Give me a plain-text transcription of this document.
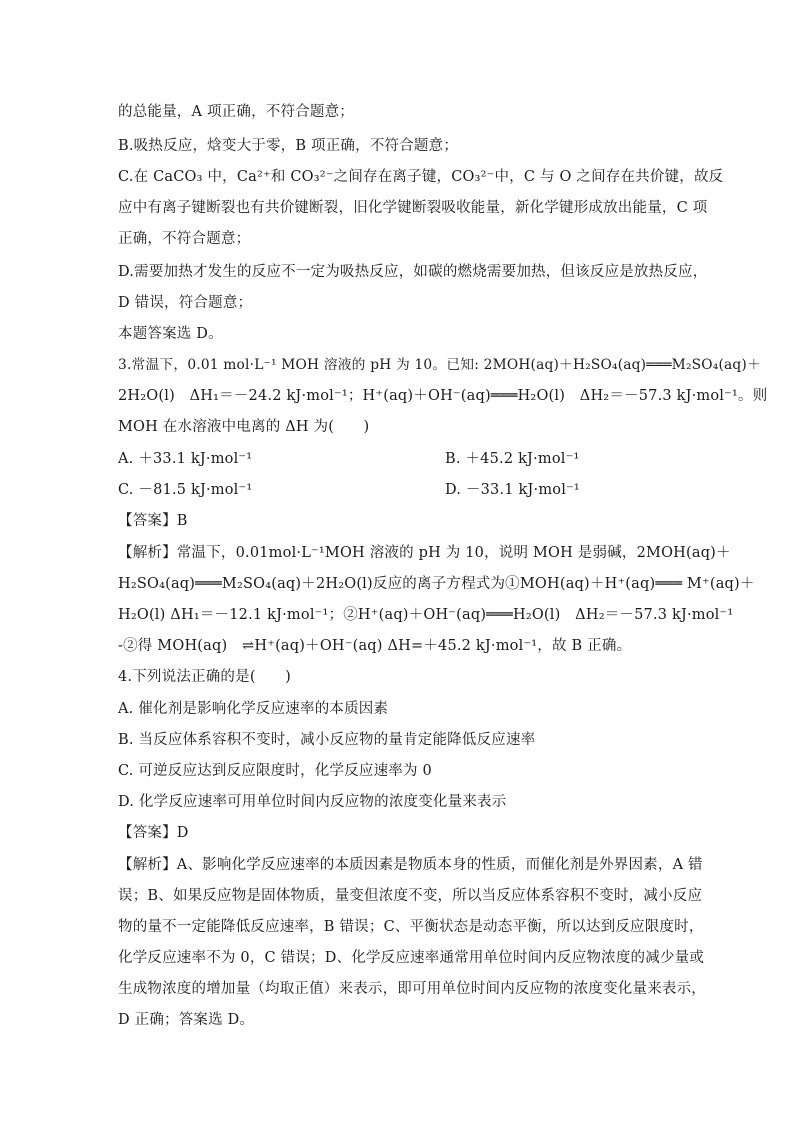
的总能量，A 项正确，不符合题意；
B.吸热反应，焓变大于零，B 项正确，不符合题意；
C.在 CaCO₃ 中，Ca²⁺和 CO₃²⁻之间存在离子键，CO₃²⁻中，C 与 O 之间存在共价键，故反
应中有离子键断裂也有共价键断裂，旧化学键断裂吸收能量，新化学键形成放出能量，C 项
正确，不符合题意；
D.需要加热才发生的反应不一定为吸热反应，如碳的燃烧需要加热，但该反应是放热反应，
D 错误，符合题意；
本题答案选 D。
3.常温下，0.01 mol·L⁻¹ MOH 溶液的 pH 为 10。已知: 2MOH(aq)＋H₂SO₄(aq)═══M₂SO₄(aq)＋
2H₂O(l)　ΔH₁＝－24.2 kJ·mol⁻¹；H⁺(aq)＋OH⁻(aq)═══H₂O(l)　ΔH₂＝－57.3 kJ·mol⁻¹。则
MOH 在水溶液中电离的 ΔH 为(　　)
A. ＋33.1 kJ·mol⁻¹	B. ＋45.2 kJ·mol⁻¹
C. －81.5 kJ·mol⁻¹	D. －33.1 kJ·mol⁻¹
【答案】B
【解析】常温下，0.01mol·L⁻¹MOH 溶液的 pH 为 10，说明 MOH 是弱碱，2MOH(aq)＋
H₂SO₄(aq)═══M₂SO₄(aq)＋2H₂O(l)反应的离子方程式为①MOH(aq)＋H⁺(aq)═══ M⁺(aq)＋
H₂O(l) ΔH₁＝－12.1 kJ·mol⁻¹；②H⁺(aq)＋OH⁻(aq)═══H₂O(l)　ΔH₂＝－57.3 kJ·mol⁻¹
-②得 MOH(aq)　⇌H⁺(aq)＋OH⁻(aq) ΔH=＋45.2 kJ·mol⁻¹，故 B 正确。
4.下列说法正确的是(　　)
A. 催化剂是影响化学反应速率的本质因素
B. 当反应体系容积不变时，减小反应物的量肯定能降低反应速率
C. 可逆反应达到反应限度时，化学反应速率为 0
D. 化学反应速率可用单位时间内反应物的浓度变化量来表示
【答案】D
【解析】A、影响化学反应速率的本质因素是物质本身的性质，而催化剂是外界因素，A 错
误；B、如果反应物是固体物质，量变但浓度不变，所以当反应体系容积不变时，减小反应
物的量不一定能降低反应速率，B 错误；C、平衡状态是动态平衡，所以达到反应限度时，
化学反应速率不为 0，C 错误；D、化学反应速率通常用单位时间内反应物浓度的减少量或
生成物浓度的增加量（均取正值）来表示，即可用单位时间内反应物的浓度变化量来表示，
D 正确；答案选 D。
